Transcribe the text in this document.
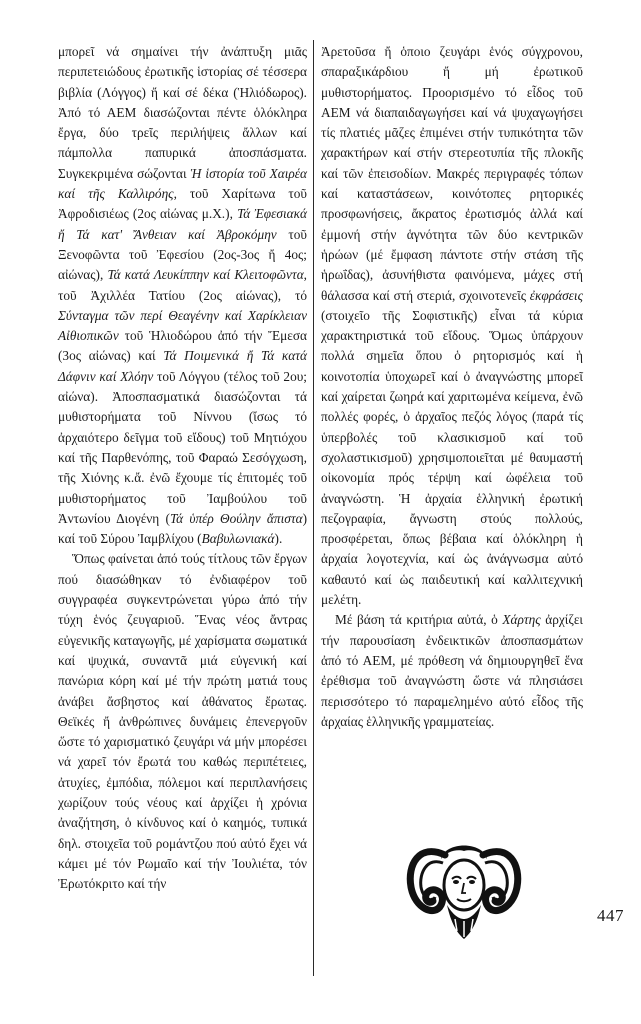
μπορεῖ νά σημαίνει τήν ἀνάπτυξη μιᾶς περιπετειώδους ἐρωτικῆς ἱστορίας σέ τέσσερα βιβλία (Λόγγος) ἤ καί σέ δέκα (Ἡλιόδωρος). Ἀπό τό ΑΕΜ διασώζονται πέντε ὁλόκληρα ἔργα, δύο τρεῖς περιλήψεις ἄλλων καί πάμπολλα παπυρικά ἀποσπάσματα. Συγκεκριμένα σώζονται Ἡ ἱστορία τοῦ Χαιρέα καί τῆς Καλλιρόης, τοῦ Χαρίτωνα τοῦ Ἀφροδισιέως (2ος αἰώνας μ.Χ.), Τά Ἐφεσιακά ἤ Τά κατ' Ἄνθειαν καί Ἀβροκόμην τοῦ Ξενοφῶντα τοῦ Ἐφεσίου (2ος-3ος ἤ 4ος; αἰώνας), Τά κατά Λευκίππην καί Κλειτοφῶντα, τοῦ Ἀχιλλέα Τατίου (2ος αἰώνας), τό Σύνταγμα τῶν περί Θεαγένην καί Χαρίκλειαν Αἰθιοπικῶν τοῦ Ἡλιοδώρου ἀπό τήν Ἔμεσα (3ος αἰώνας) καί Τά Ποιμενικά ἤ Τά κατά Δάφνιν καί Χλόην τοῦ Λόγγου (τέλος τοῦ 2ου; αἰώνα). Ἀποσπασματικά διασώζονται τά μυθιστορήματα τοῦ Νίννου (ἴσως τό ἀρχαιότερο δεῖγμα τοῦ εἴδους) τοῦ Μητιόχου καί τῆς Παρθενόπης, τοῦ Φαραώ Σεσόγχωση, τῆς Χιόνης κ.ἄ. ἐνῶ ἔχουμε τίς ἐπιτομές τοῦ μυθιστορήματος τοῦ Ἰαμβούλου τοῦ Ἀντωνίου Διογένη (Τά ὑπέρ Θούλην ἄπιστα) καί τοῦ Σύρου Ἰαμβλίχου (Βαβυλωνιακά).

Ὅπως φαίνεται ἀπό τούς τίτλους τῶν ἔργων πού διασώθηκαν τό ἐνδιαφέρον τοῦ συγγραφέα συγκεντρώνεται γύρω ἀπό τήν τύχη ἑνός ζευγαριοῦ. Ἕνας νέος ἄντρας εὐγενικῆς καταγωγῆς, μέ χαρίσματα σωματικά καί ψυχικά, συναντᾶ μιά εὐγενική καί πανώρια κόρη καί μέ τήν πρώτη ματιά τους ἀνάβει ἄσβηστος καί ἀθάνατος ἔρωτας. Θεϊκές ἤ ἀνθρώπινες δυνάμεις ἐπενεργοῦν ὥστε τό χαρισματικό ζευγάρι νά μήν μπορέσει νά χαρεῖ τόν ἔρωτά του καθώς περιπέτειες, ἀτυχίες, ἐμπόδια, πόλεμοι καί περιπλανήσεις χωρίζουν τούς νέους καί ἀρχίζει ἡ χρόνια ἀναζήτηση, ὁ κίνδυνος καί ὁ καημός, τυπικά δηλ. στοιχεῖα τοῦ ρομάντζου πού αὐτό ἔχει νά κάμει μέ τόν Ρωμαῖο καί τήν Ἰουλιέτα, τόν Ἐρωτόκριτο καί τήν

Ἀρετοῦσα ἤ ὁποιο ζευγάρι ἑνός σύγχρονου, σπαραξικάρδιου ἤ μή ἐρωτικοῦ μυθιστορήματος. Προορισμένο τό εἶδος τοῦ ΑΕΜ νά διαπαιδαγωγήσει καί νά ψυχαγωγήσει τίς πλατιές μᾶζες ἐπιμένει στήν τυπικότητα τῶν χαρακτήρων καί στήν στερεοτυπία τῆς πλοκῆς καί τῶν ἐπεισοδίων. Μακρές περιγραφές τόπων καί καταστάσεων, κοινότοπες ρητορικές προσφωνήσεις, ἄκρατος ἐρωτισμός ἀλλά καί ἐμμονή στήν ἁγνότητα τῶν δύο κεντρικῶν ἡρώων (μέ ἔμφαση πάντοτε στήν στάση τῆς ἡρωΐδας), ἀσυνήθιστα φαινόμενα, μάχες στή θάλασσα καί στή στεριά, σχοινοτενεῖς ἐκφράσεις (στοιχεῖο τῆς Σοφιστικῆς) εἶναι τά κύρια χαρακτηριστικά τοῦ εἴδους. Ὅμως ὑπάρχουν πολλά σημεῖα ὅπου ὁ ρητορισμός καί ἡ κοινοτοπία ὑποχωρεῖ καί ὁ ἀναγνώστης μπορεῖ καί χαίρεται ζωηρά καί χαριτωμένα κείμενα, ἐνῶ πολλές φορές, ὁ ἀρχαῖος πεζός λόγος (παρά τίς ὑπερβολές τοῦ κλασικισμοῦ καί τοῦ σχολαστικισμοῦ) χρησιμοποιεῖται μέ θαυμαστή οἰκονομία πρός τέρψη καί ὠφέλεια τοῦ ἀναγνώστη. Ἡ ἀρχαία ἑλληνική ἐρωτική πεζογραφία, ἄγνωστη στούς πολλούς, προσφέρεται, ὅπως βέβαια καί ὁλόκληρη ἡ ἀρχαία λογοτεχνία, καί ὡς ἀνάγνωσμα αὐτό καθαυτό καί ὡς παιδευτική καί καλλιτεχνική μελέτη.

Μέ βάση τά κριτήρια αὐτά, ὁ Χάρτης ἀρχίζει τήν παρουσίαση ἐνδεικτικῶν ἀποσπασμάτων ἀπό τό ΑΕΜ, μέ πρόθεση νά δημιουργηθεῖ ἕνα ἐρέθισμα τοῦ ἀναγνώστη ὥστε νά πλησιάσει περισσότερο τό παραμελημένο αὐτό εἶδος τῆς ἀρχαίας ἑλληνικῆς γραμματείας.

447
